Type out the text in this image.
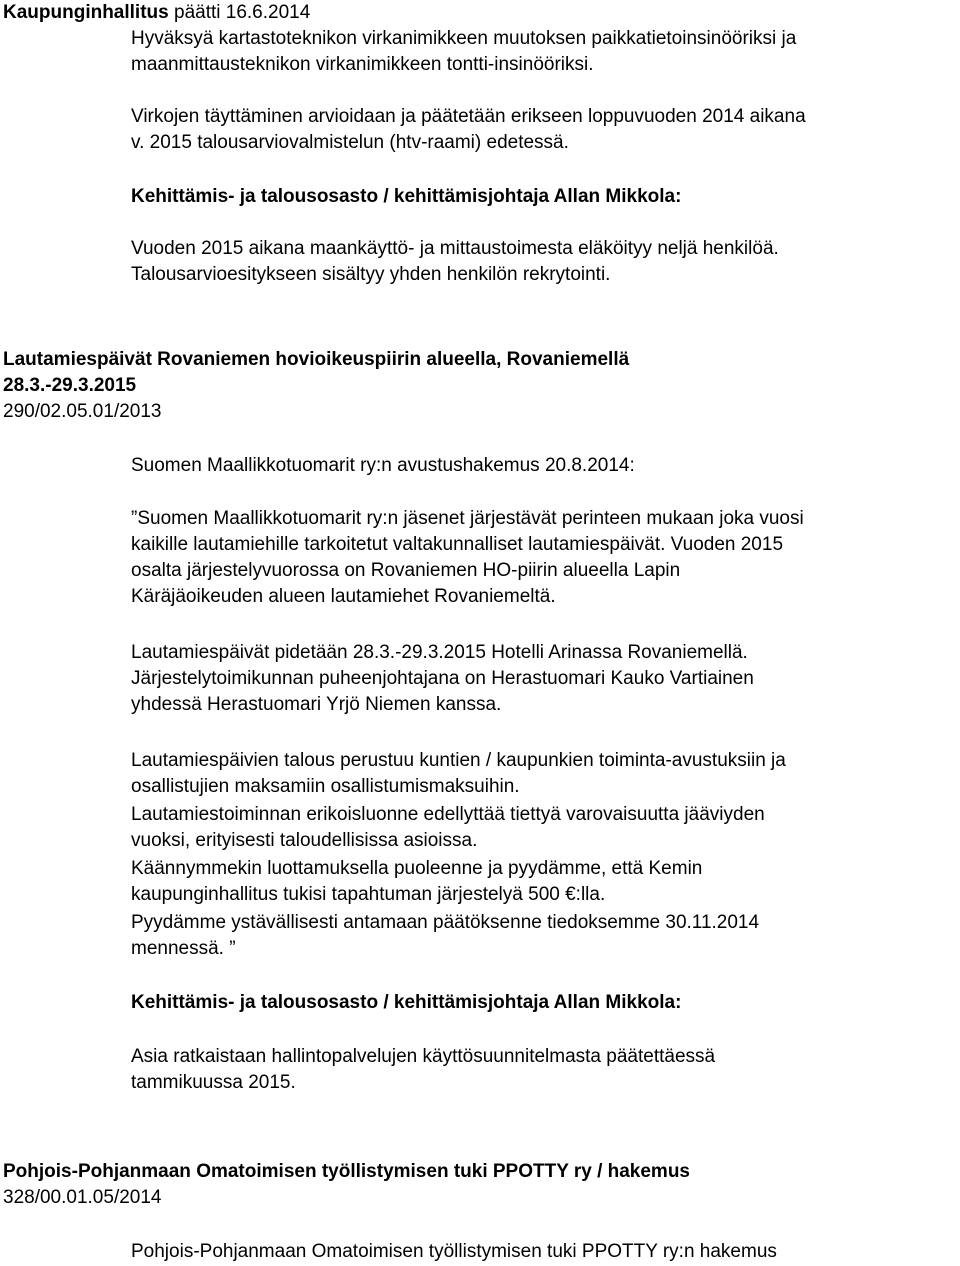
Kaupunginhallitus päätti 16.6.2014
Hyväksyä kartastoteknikon virkanimikkeen muutoksen paikkatietoinsinööriksi ja
maanmittausteknikon virkanimikkeen tontti-insinööriksi.
Virkojen täyttäminen arvioidaan ja päätetään erikseen loppuvuoden 2014 aikana
v. 2015 talousarviovalmistelun (htv-raami) edetessä.
Kehittämis- ja talousosasto / kehittämisjohtaja Allan Mikkola:
Vuoden 2015 aikana maankäyttö- ja mittaustoimesta eläköityy neljä henkilöä.
Talousarvioesitykseen sisältyy yhden henkilön rekrytointi.
Lautamiespäivät Rovaniemen hovioikeuspiirin alueella, Rovaniemellä
28.3.-29.3.2015
290/02.05.01/2013
Suomen Maallikkotuomarit ry:n avustushakemus 20.8.2014:
”Suomen Maallikkotuomarit ry:n jäsenet järjestävät perinteen mukaan joka vuosi
kaikille lautamiehille tarkoitetut valtakunnalliset lautamiespäivät. Vuoden 2015
osalta järjestelyvuorossa on Rovaniemen HO-piirin alueella Lapin
Käräjäoikeuden alueen lautamiehet Rovaniemeltä.
Lautamiespäivät pidetään 28.3.-29.3.2015 Hotelli Arinassa Rovaniemellä.
Järjestelytoimikunnan puheenjohtajana on Herastuomari Kauko Vartiainen
yhdessä Herastuomari Yrjö Niemen kanssa.
Lautamiespäivien talous perustuu kuntien / kaupunkien toiminta-avustuksiin ja
osallistujien maksamiin osallistumismaksuihin.
Lautamiestoiminnan erikoisluonne edellyttää tiettyä varovaisuutta jääviyden
vuoksi, erityisesti taloudellisissa asioissa.
Käännymmekin luottamuksella puoleenne ja pyydämme, että Kemin
kaupunginhallitus tukisi tapahtuman järjestelyä 500 €:lla.
Pyydämme ystävällisesti antamaan päätöksenne tiedoksemme 30.11.2014
mennessä. ”
Kehittämis- ja talousosasto / kehittämisjohtaja Allan Mikkola:
Asia ratkaistaan hallintopalvelujen käyttösuunnitelmasta päätettäessä
tammikuussa 2015.
Pohjois-Pohjanmaan Omatoimisen työllistymisen tuki PPOTTY ry / hakemus
328/00.01.05/2014
Pohjois-Pohjanmaan Omatoimisen työllistymisen tuki PPOTTY ry:n hakemus
